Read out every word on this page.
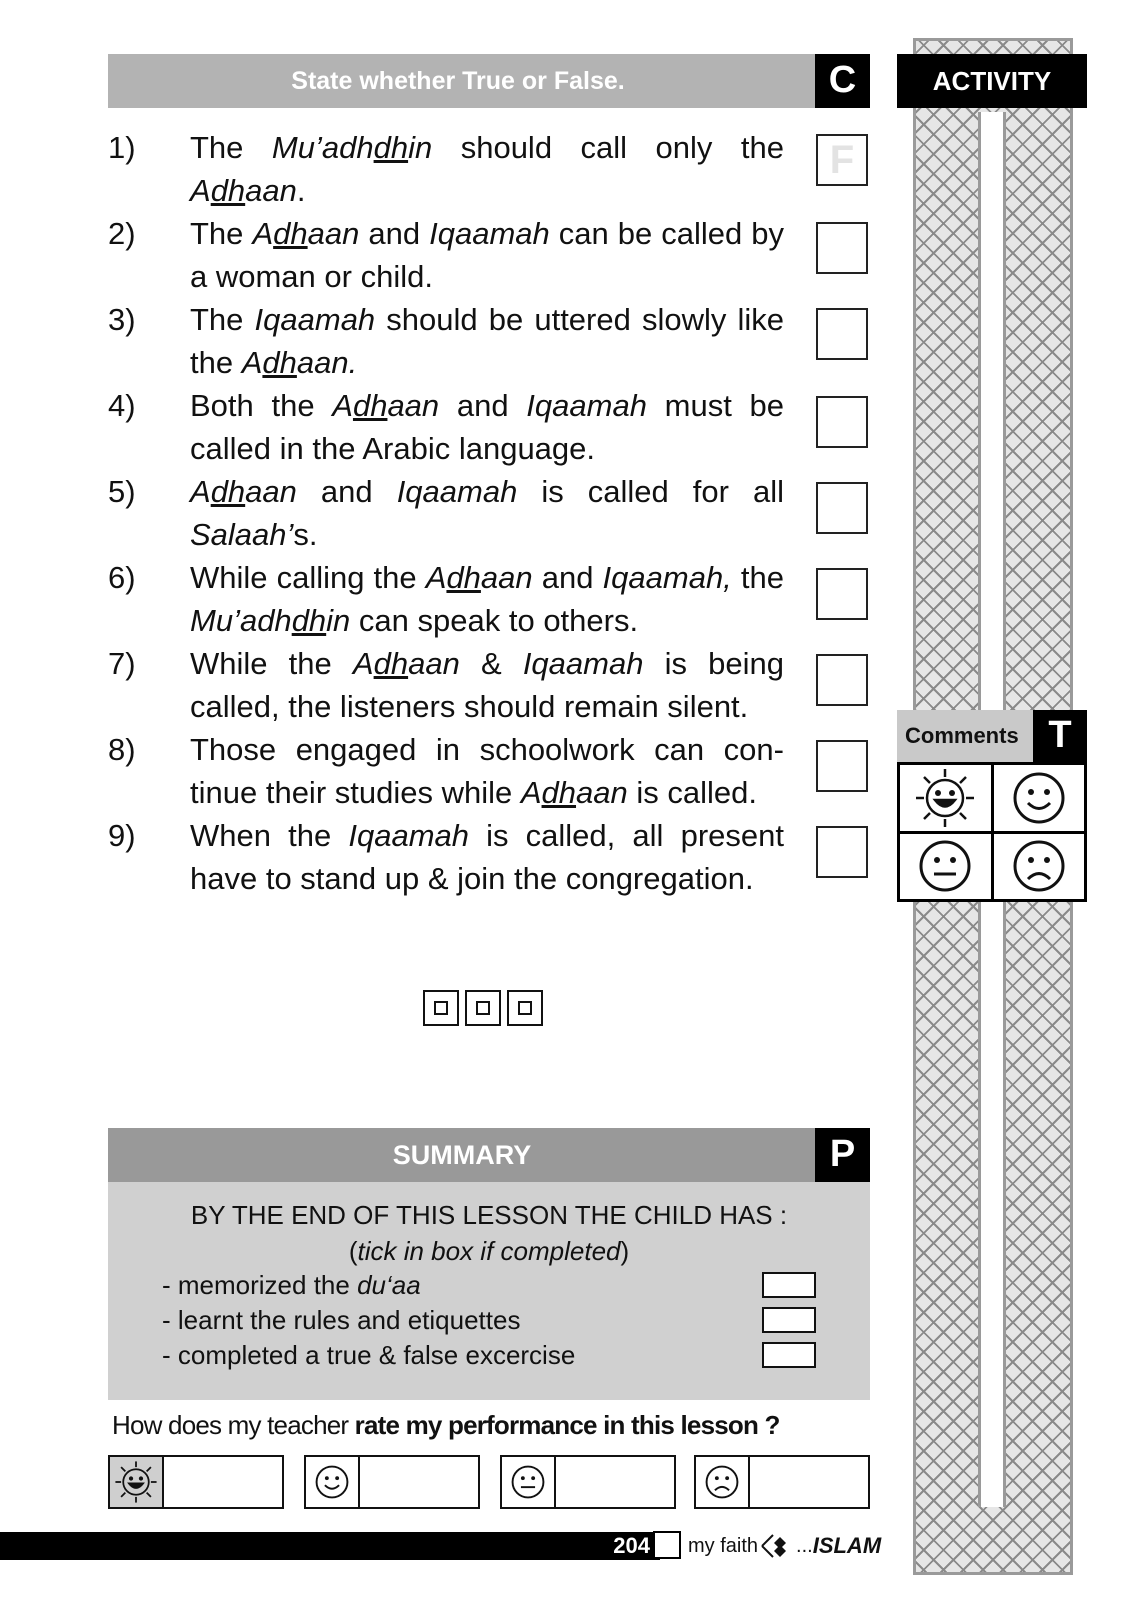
State whether True or False.	C	ACTIVITY
1) The Mu’adhdhin should call only the Adhaan.
F
2) The Adhaan and Iqaamah can be called by a woman or child.
3) The Iqaamah should be uttered slowly like the Adhaan.
4) Both the Adhaan and Iqaamah must be called in the Arabic language.
5) Adhaan and Iqaamah is called for all Salaah’s.
6) While calling the Adhaan and Iqaamah, the Mu’adhdhin can speak to others.
7) While the Adhaan & Iqaamah is being called, the listeners should remain silent.
8) Those engaged in schoolwork can con- tinue their studies while Adhaan is called.
9) When the Iqaamah is called, all present have to stand up & join the congregation.
Comments T
SUMMARY	P
BY THE END OF THIS LESSON THE CHILD HAS :
(tick in box if completed)
- memorized the du‘aa
- learnt the rules and etiquettes
- completed a true & false excercise
How does my teacher rate my performance in this lesson ?
204 my faith ... ISLAM
